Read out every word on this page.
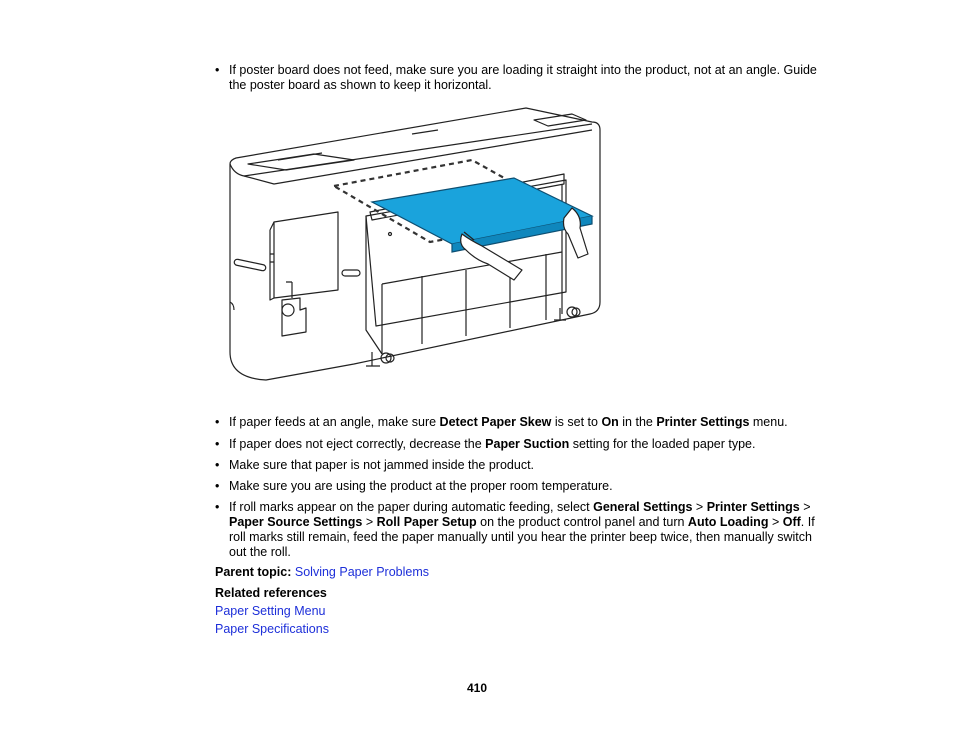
• If poster board does not feed, make sure you are loading it straight into the product, not at an angle. Guide the poster board as shown to keep it horizontal.
• If paper feeds at an angle, make sure Detect Paper Skew is set to On in the Printer Settings menu.
• If paper does not eject correctly, decrease the Paper Suction setting for the loaded paper type.
• Make sure that paper is not jammed inside the product.
• Make sure you are using the product at the proper room temperature.
• If roll marks appear on the paper during automatic feeding, select General Settings > Printer Settings > Paper Source Settings > Roll Paper Setup on the product control panel and turn Auto Loading > Off. If roll marks still remain, feed the paper manually until you hear the printer beep twice, then manually switch out the roll.
Parent topic: Solving Paper Problems
Related references
Paper Setting Menu
Paper Specifications
410
